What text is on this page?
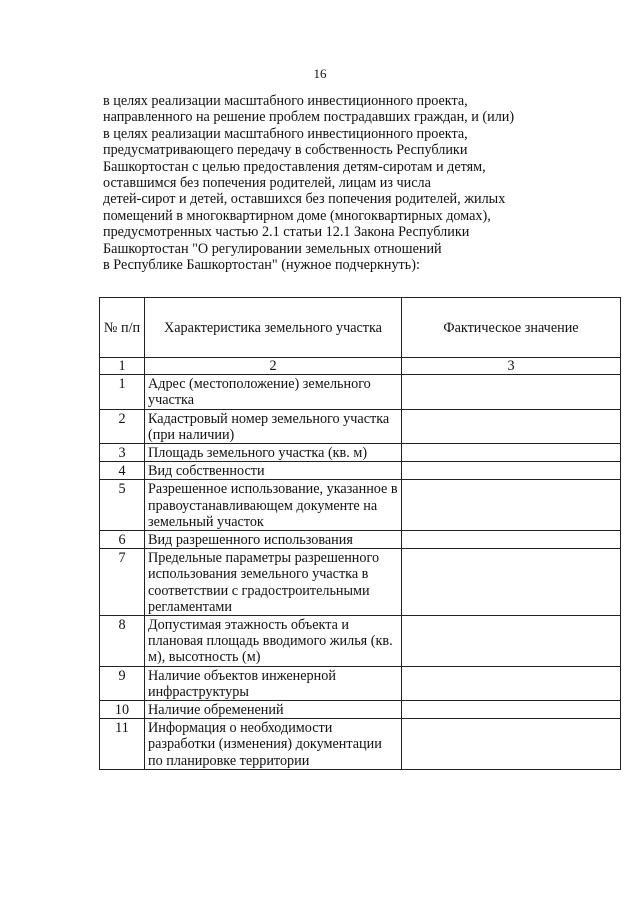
16

в целях реализации масштабного инвестиционного проекта,

направленного на решение проблем пострадавших граждан, и (или)

в целях реализации масштабного инвестиционного проекта,

предусматривающего передачу в собственность Республики

Башкортостан с целью предоставления детям-сиротам и детям,

оставшимся без попечения родителей, лицам из числа

детей-сирот и детей, оставшихся без попечения родителей, жилых

помещений в многоквартирном доме (многоквартирных домах),

предусмотренных частью 2.1 статьи 12.1 Закона Республики

Башкортостан "О регулировании земельных отношений

в Республике Башкортостан" (нужное подчеркнуть):

№ п/п	Характеристика земельного участка	Фактическое значение
1	2	3
1	Адрес (местоположение) земельного участка	
2	Кадастровый номер земельного участка (при наличии)	
3	Площадь земельного участка (кв. м)	
4	Вид собственности	
5	Разрешенное использование, указанное в правоустанавливающем документе на земельный участок	
6	Вид разрешенного использования	
7	Предельные параметры разрешенного использования земельного участка в соответствии с градостроительными регламентами	
8	Допустимая этажность объекта и плановая площадь вводимого жилья (кв. м), высотность (м)	
9	Наличие объектов инженерной инфраструктуры	
10	Наличие обременений	
11	Информация о необходимости разработки (изменения) документации по планировке территории	
